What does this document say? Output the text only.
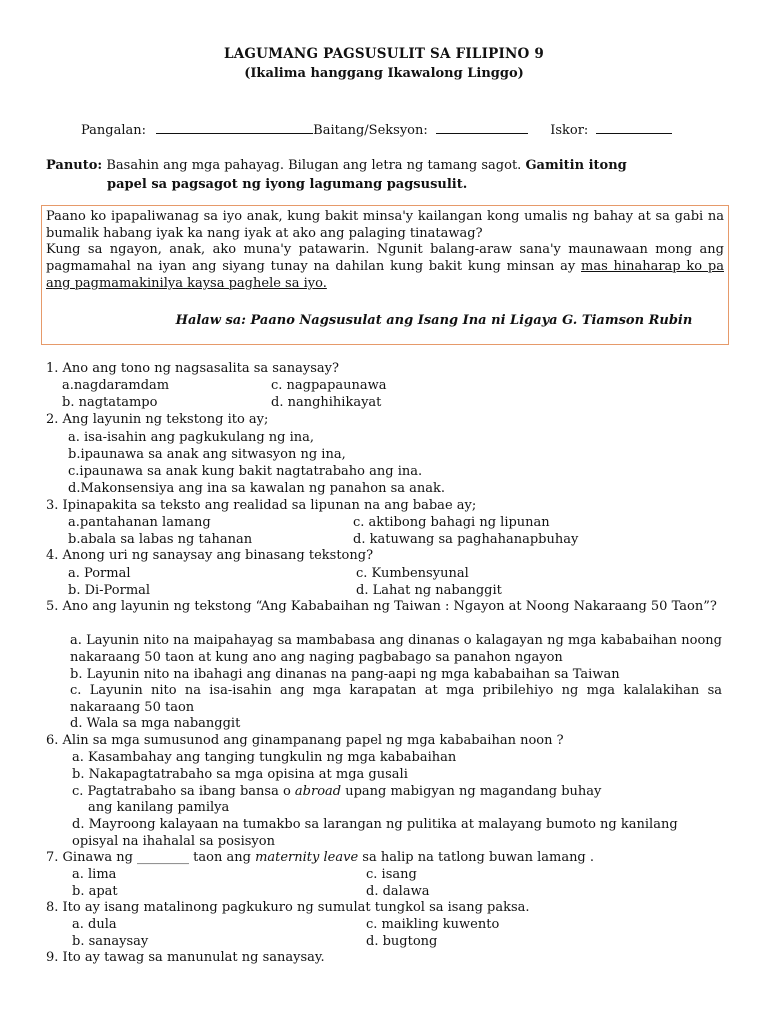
LAGUMANG PAGSUSULIT SA FILIPINO 9
(Ikalima hanggang Ikawalong Linggo)
Pangalan:	Baitang/Seksyon:	Iskor:
Panuto: Basahin ang mga pahayag. Bilugan ang letra ng tamang sagot. Gamitin itong
papel sa pagsagot ng iyong lagumang pagsusulit.
Paano ko ipapaliwanag sa iyo anak, kung bakit minsa'y kailangan kong umalis ng bahay at sa gabi na bumalik habang iyak ka nang iyak at ako ang palaging tinatawag?
Kung sa ngayon, anak, ako muna'y patawarin. Ngunit balang-araw sana'y maunawaan mong ang pagmamahal na iyan ang siyang tunay na dahilan kung bakit kung minsan ay mas hinaharap ko pa ang pagmamakinilya kaysa paghele sa iyo.
Halaw sa: Paano Nagsusulat ang Isang Ina ni Ligaya G. Tiamson Rubin
1. Ano ang tono ng nagsasalita sa sanaysay?
a.nagdaramdam	c. nagpapaunawa
b. nagtatampo	d. nanghihikayat
2. Ang layunin ng tekstong ito ay;
a. isa-isahin ang pagkukulang ng ina,
b.ipaunawa sa anak ang sitwasyon ng ina,
c.ipaunawa sa anak kung bakit nagtatrabaho ang ina.
d.Makonsensiya ang ina sa kawalan ng panahon sa anak.
3. Ipinapakita sa teksto ang realidad sa lipunan na ang babae ay;
a.pantahanan lamang	c. aktibong bahagi ng lipunan
b.abala sa labas ng tahanan	d. katuwang sa paghahanapbuhay
4. Anong uri ng sanaysay ang binasang tekstong?
a. Pormal	c. Kumbensyunal
b. Di-Pormal	d. Lahat ng nabanggit
5. Ano ang layunin ng tekstong “Ang Kababaihan ng Taiwan : Ngayon at Noong Nakaraang 50 Taon”?
a. Layunin nito na maipahayag sa mambabasa ang dinanas o kalagayan ng mga kababaihan noong nakaraang 50 taon at kung ano ang naging pagbabago sa panahon ngayon
b. Layunin nito na ibahagi ang dinanas na pang-aapi ng mga kababaihan sa Taiwan
c. Layunin nito na isa-isahin ang mga karapatan at mga pribilehiyo ng mga kalalakihan sa nakaraang 50 taon
d. Wala sa mga nabanggit
6. Alin sa mga sumusunod ang ginampanang papel ng mga kababaihan noon ?
a. Kasambahay ang tanging tungkulin ng mga kababaihan
b. Nakapagtatrabaho sa mga opisina at mga gusali
c. Pagtatrabaho sa ibang bansa o abroad upang mabigyan ng magandang buhay
ang kanilang pamilya
d. Mayroong kalayaan na tumakbo sa larangan ng pulitika at malayang bumoto ng kanilang opisyal na ihahalal sa posisyon
7. Ginawa ng ________ taon ang maternity leave sa halip na tatlong buwan lamang .
a. lima	c. isang
b. apat	d. dalawa
8. Ito ay isang matalinong pagkukuro ng sumulat tungkol sa isang paksa.
a. dula	c. maikling kuwento
b. sanaysay	d. bugtong
9. Ito ay tawag sa manunulat ng sanaysay.
